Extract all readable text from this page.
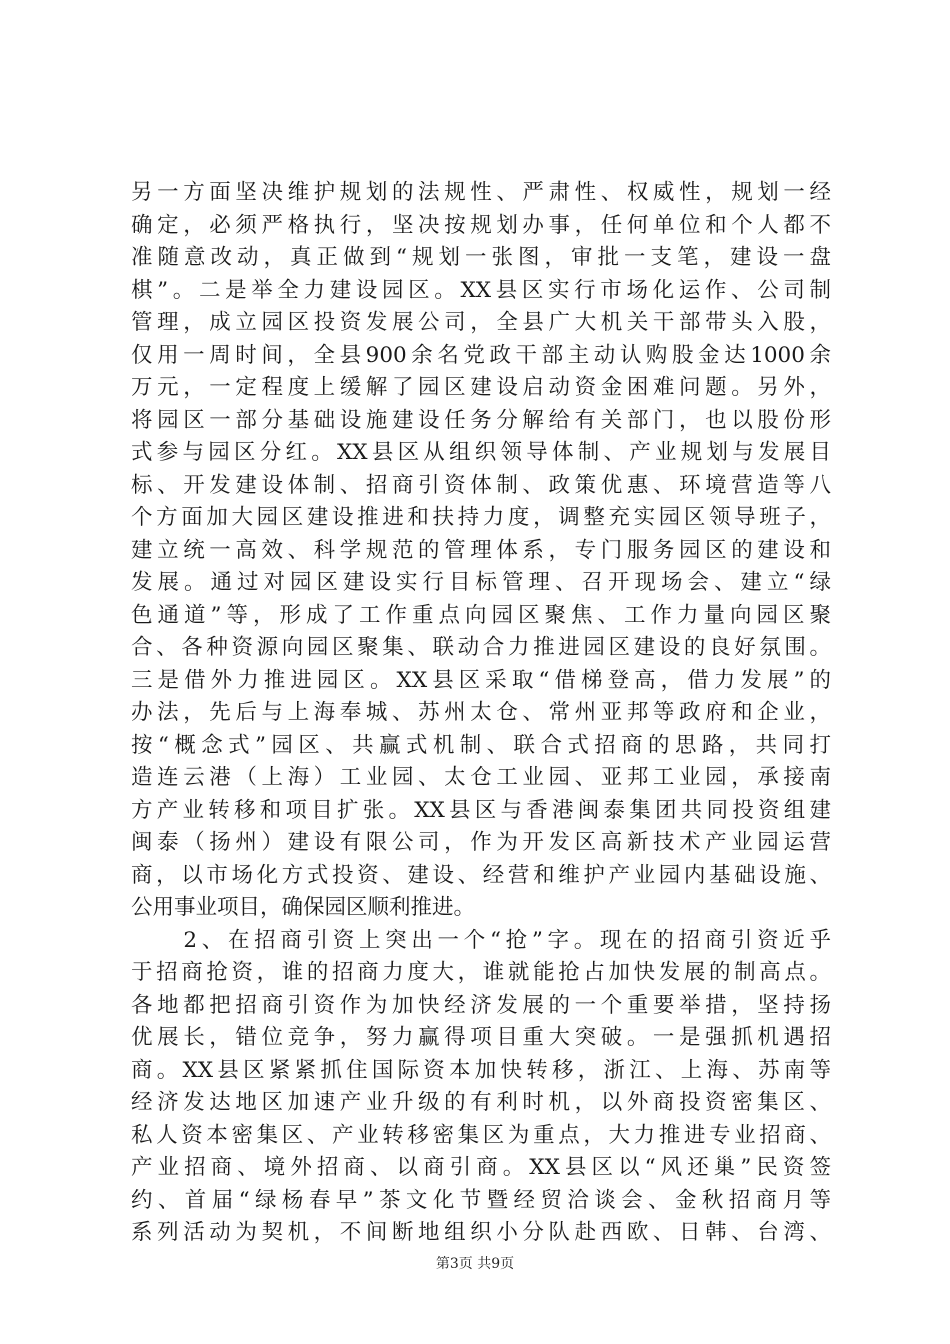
另一方面坚决维护规划的法规性、严肃性、权威性，规划一经
确定，必须严格执行，坚决按规划办事，任何单位和个人都不
准随意改动，真正做到“规划一张图，审批一支笔，建设一盘
棋”。二是举全力建设园区。XX县区实行市场化运作、公司制
管理，成立园区投资发展公司，全县广大机关干部带头入股，
仅用一周时间，全县900余名党政干部主动认购股金达1000余
万元，一定程度上缓解了园区建设启动资金困难问题。另外，
将园区一部分基础设施建设任务分解给有关部门，也以股份形
式参与园区分红。XX县区从组织领导体制、产业规划与发展目
标、开发建设体制、招商引资体制、政策优惠、环境营造等八
个方面加大园区建设推进和扶持力度，调整充实园区领导班子，
建立统一高效、科学规范的管理体系，专门服务园区的建设和
发展。通过对园区建设实行目标管理、召开现场会、建立“绿
色通道”等，形成了工作重点向园区聚焦、工作力量向园区聚
合、各种资源向园区聚集、联动合力推进园区建设的良好氛围。
三是借外力推进园区。XX县区采取“借梯登高，借力发展”的
办法，先后与上海奉城、苏州太仓、常州亚邦等政府和企业，
按“概念式”园区、共赢式机制、联合式招商的思路，共同打
造连云港（上海）工业园、太仓工业园、亚邦工业园，承接南
方产业转移和项目扩张。XX县区与香港闽泰集团共同投资组建
闽泰（扬州）建设有限公司，作为开发区高新技术产业园运营
商，以市场化方式投资、建设、经营和维护产业园内基础设施、
公用事业项目，确保园区顺利推进。
　　2、在招商引资上突出一个“抢”字。现在的招商引资近乎
于招商抢资，谁的招商力度大，谁就能抢占加快发展的制高点。
各地都把招商引资作为加快经济发展的一个重要举措，坚持扬
优展长，错位竞争，努力赢得项目重大突破。一是强抓机遇招
商。XX县区紧紧抓住国际资本加快转移，浙江、上海、苏南等
经济发达地区加速产业升级的有利时机，以外商投资密集区、
私人资本密集区、产业转移密集区为重点，大力推进专业招商、
产业招商、境外招商、以商引商。XX县区以“风还巢”民资签
约、首届“绿杨春早”茶文化节暨经贸洽谈会、金秋招商月等
系列活动为契机，不间断地组织小分队赴西欧、日韩、台湾、
第3页 共9页
